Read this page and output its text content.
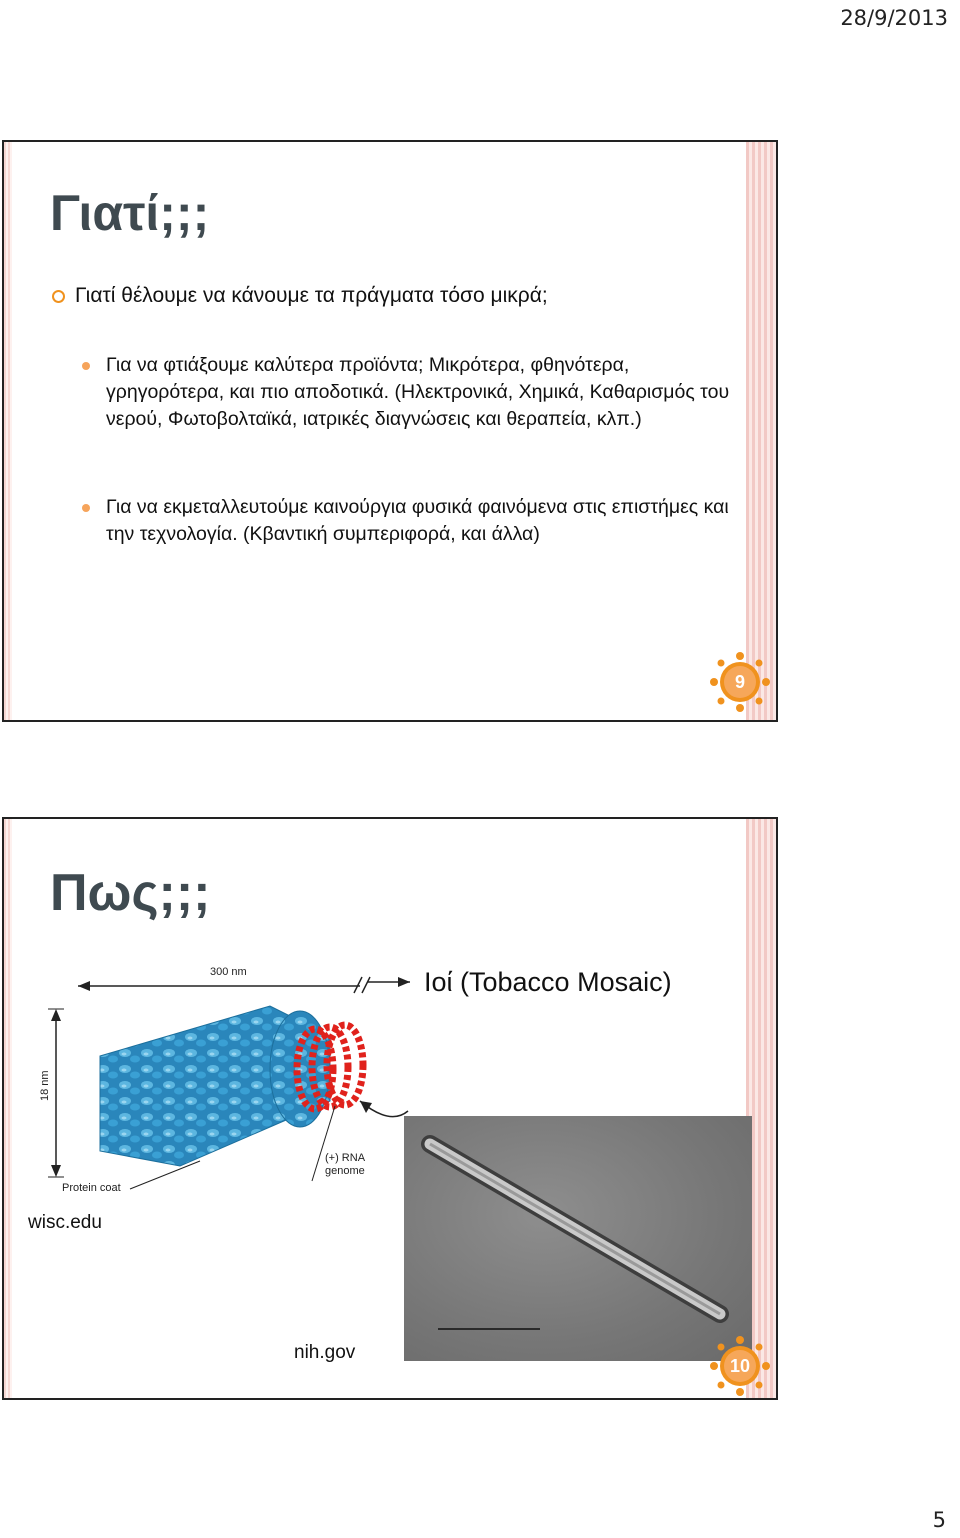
28/9/2013
Γιατί;;;
Γιατί θέλουμε να κάνουμε τα πράγματα τόσο μικρά;
Για να φτιάξουμε καλύτερα προϊόντα; Μικρότερα, φθηνότερα, γρηγορότερα, και πιο αποδοτικά. (Ηλεκτρονικά, Χημικά, Καθαρισμός του νερού, Φωτοβολταϊκά, ιατρικές διαγνώσεις και θεραπεία, κλπ.)
Για να εκμεταλλευτούμε καινούργια φυσικά φαινόμενα στις επιστήμες και την τεχνολογία. (Κβαντική συμπεριφορά, και άλλα)
9
Πως;;;
300 nm
18 nm
(+) RNA
genome
Protein coat
Ιοί (Tobacco Mosaic)
wisc.edu
nih.gov
10
5
